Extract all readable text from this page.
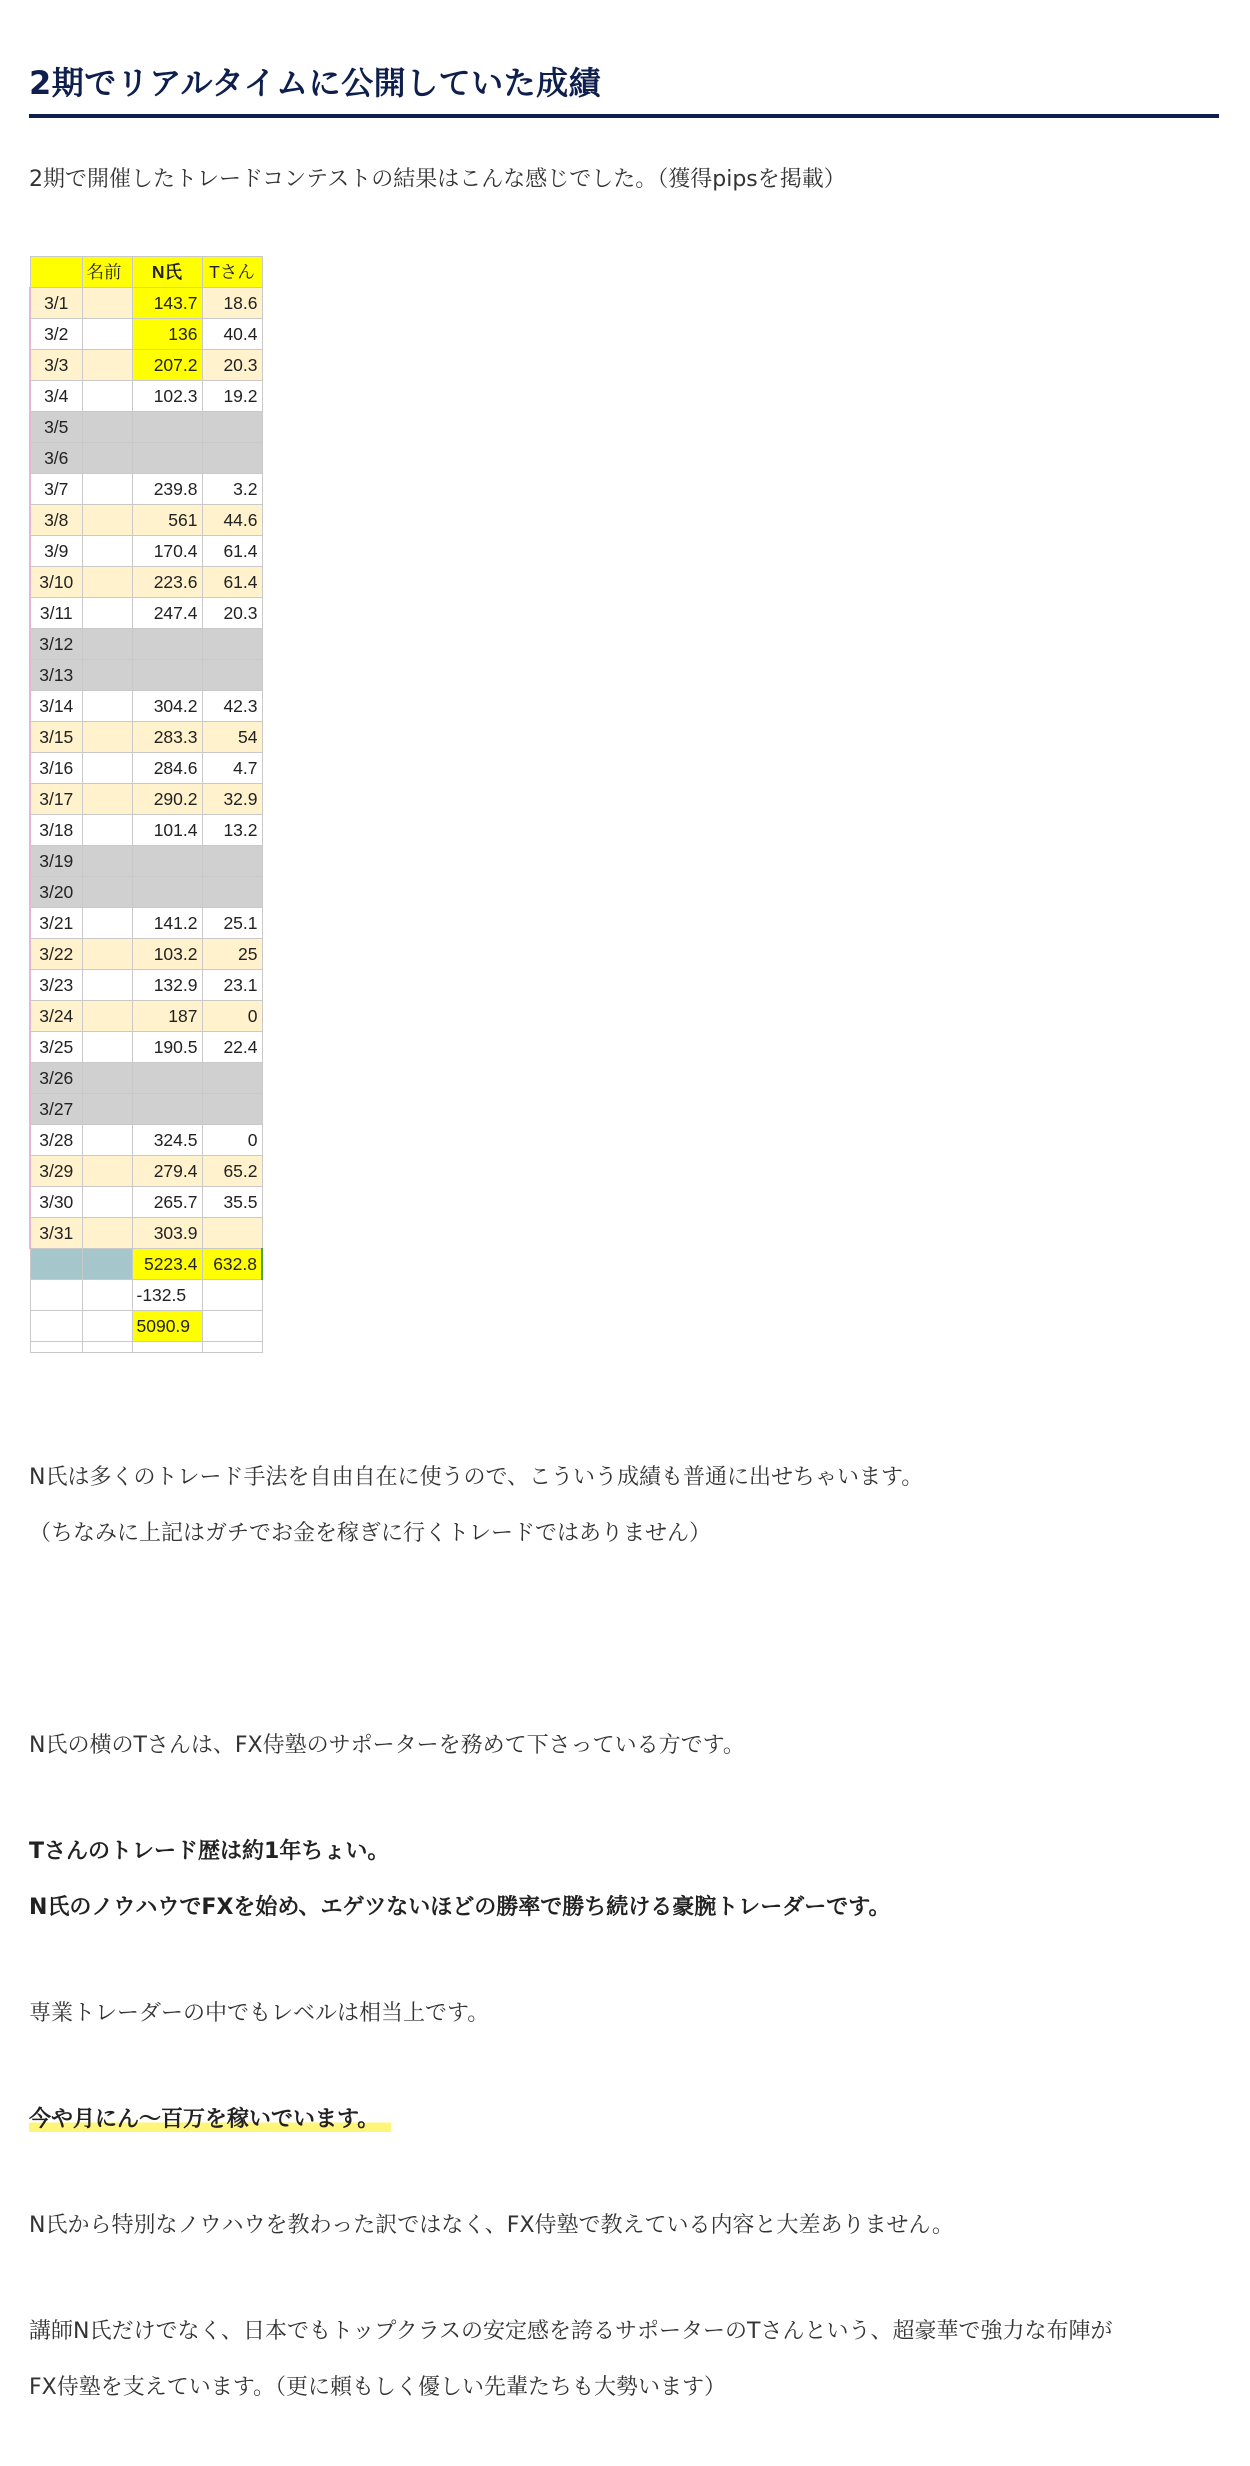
2期でリアルタイムに公開していた成績
2期で開催したトレードコンテストの結果はこんな感じでした。（獲得pipsを掲載）
	名前	N氏	Tさん
3/1		143.7	18.6
3/2		136	40.4
3/3		207.2	20.3
3/4		102.3	19.2
3/5			
3/6			
3/7		239.8	3.2
3/8		561	44.6
3/9		170.4	61.4
3/10		223.6	61.4
3/11		247.4	20.3
3/12			
3/13			
3/14		304.2	42.3
3/15		283.3	54
3/16		284.6	4.7
3/17		290.2	32.9
3/18		101.4	13.2
3/19			
3/20			
3/21		141.2	25.1
3/22		103.2	25
3/23		132.9	23.1
3/24		187	0
3/25		190.5	22.4
3/26			
3/27			
3/28		324.5	0
3/29		279.4	65.2
3/30		265.7	35.5
3/31		303.9	
		5223.4	632.8
		-132.5	
		5090.9	

N氏は多くのトレード手法を自由自在に使うので、こういう成績も普通に出せちゃいます。
（ちなみに上記はガチでお金を稼ぎに行くトレードではありません）
N氏の横のTさんは、FX侍塾のサポーターを務めて下さっている方です。
Tさんのトレード歴は約1年ちょい。
N氏のノウハウでFXを始め、エゲツないほどの勝率で勝ち続ける豪腕トレーダーです。
専業トレーダーの中でもレベルは相当上です。
今や月にん～百万を稼いでいます。
N氏から特別なノウハウを教わった訳ではなく、FX侍塾で教えている内容と大差ありません。
講師N氏だけでなく、日本でもトップクラスの安定感を誇るサポーターのTさんという、超豪華で強力な布陣が
FX侍塾を支えています。（更に頼もしく優しい先輩たちも大勢います）
